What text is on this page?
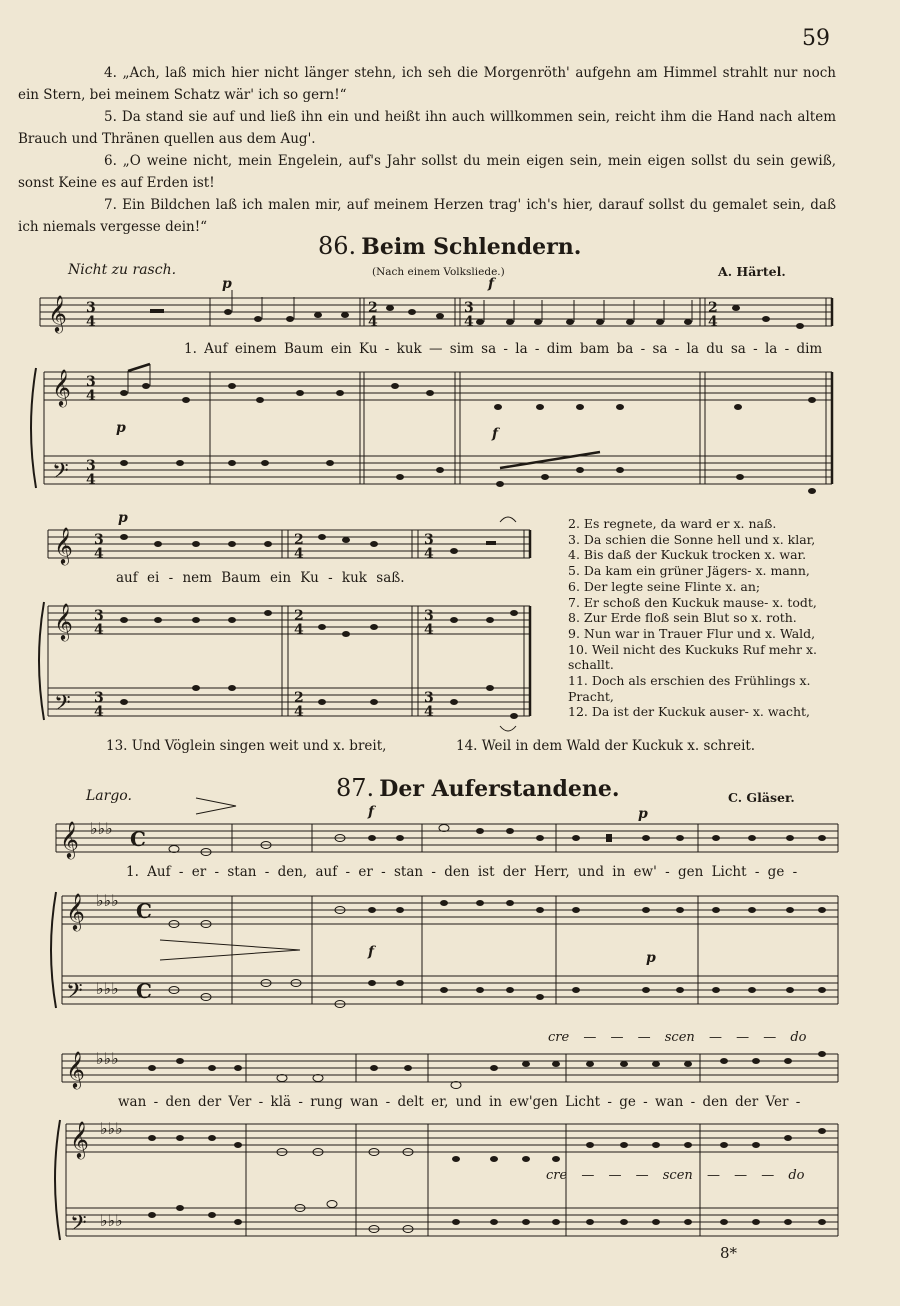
59
4. „Ach, laß mich hier nicht länger stehn, ich seh die Morgenröth' aufgehn am Himmel strahlt nur noch ein Stern, bei meinem Schatz wär' ich so gern!“
5. Da stand sie auf und ließ ihn ein und heißt ihn auch willkommen sein, reicht ihm die Hand nach altem Brauch und Thränen quellen aus dem Aug'.
6. „O weine nicht, mein Engelein, auf's Jahr sollst du mein eigen sein, mein eigen sollst du sein gewiß, sonst Keine es auf Erden ist!
7. Ein Bildchen laß ich malen mir, auf meinem Herzen trag' ich's hier, darauf sollst du gemalet sein, daß ich niemals vergesse dein!“
86. Beim Schlendern.
Nicht zu rasch.	(Nach einem Volksliede.)	A. Härtel.
𝄞
𝄞
𝄢
3
4
3
4
3
4
2
4
3
4
2
4
p	f
p	f
1. Auf einem Baum ein Ku - kuk — sim sa - la - dim bam ba - sa - la du sa - la - dim
𝄞
𝄞
𝄢
3
4
3
4
3
4
2
4
2
4
2
4
3
4
3
4
3
4
p
auf ei - nem Baum ein Ku - kuk saß.
2. Es regnete, da ward er x. naß.
3. Da schien die Sonne hell und x. klar,
4. Bis daß der Kuckuk trocken x. war.
5. Da kam ein grüner Jägers- x. mann,
6. Der legte seine Flinte x. an;
7. Er schoß den Kuckuk mause- x. todt,
8. Zur Erde floß sein Blut so x. roth.
9. Nun war in Trauer Flur und x. Wald,
10. Weil nicht des Kuckuks Ruf mehr x. schallt.
11. Doch als erschien des Frühlings x. Pracht,
12. Da ist der Kuckuk auser- x. wacht,
13. Und Vöglein singen weit und x. breit,	14. Weil in dem Wald der Kuckuk x. schreit.
Largo.	87. Der Auferstandene.	C. Gläser.
𝄞
𝄞
𝄢
♭♭♭
♭♭♭
♭♭♭
C
C
C
f	p
f	p
1. Auf - er - stan - den, auf - er - stan - den ist der Herr, und in ew' - gen Licht - ge -
cre — — — scen — — — do
𝄞
𝄞
𝄢
♭♭♭
♭♭♭
♭♭♭
wan - den der Ver - klä - rung wan - delt er, und in ew'gen Licht - ge - wan - den der Ver -
cre — — — scen — — — do
8*
